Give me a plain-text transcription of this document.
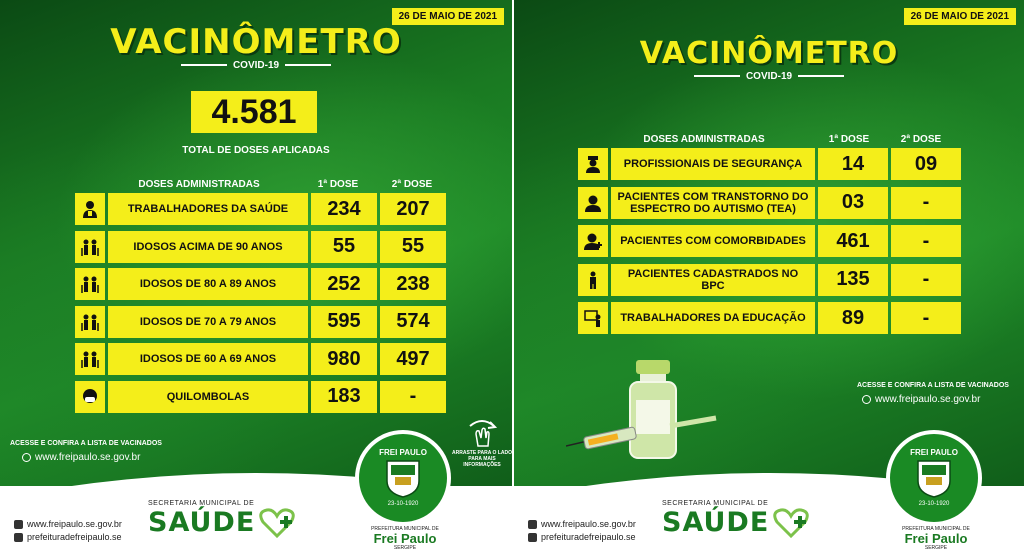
26 DE MAIO DE 2021
VACINÔMETRO
COVID-19
4.581
TOTAL DE DOSES APLICADAS
DOSES ADMINISTRADAS	1ª DOSE	2ª DOSE
TRABALHADORES DA SAÚDE	234	207
IDOSOS ACIMA DE 90 ANOS	55	55
IDOSOS DE 80 A 89 ANOS	252	238
IDOSOS DE 70 A 79 ANOS	595	574
IDOSOS DE 60 A 69 ANOS	980	497
QUILOMBOLAS	183	-
ARRASTE PARA O LADO PARA MAIS INFORMAÇÕES
ACESSE E CONFIRA A LISTA DE VACINADOS
www.freipaulo.se.gov.br
www.freipaulo.se.gov.br
prefeituradefreipaulo.se
SECRETARIA MUNICIPAL DE
SAÚDE
FREI PAULO
23-10-1920
PREFEITURA MUNICIPAL DE
Frei Paulo
SERGIPE
26 DE MAIO DE 2021
VACINÔMETRO
COVID-19
DOSES ADMINISTRADAS	1ª DOSE	2ª DOSE
PROFISSIONAIS DE SEGURANÇA	14	09
PACIENTES COM TRANSTORNO DO ESPECTRO DO AUTISMO (TEA)	03	-
PACIENTES COM COMORBIDADES	461	-
PACIENTES CADASTRADOS NO BPC	135	-
TRABALHADORES DA EDUCAÇÃO	89	-
ACESSE E CONFIRA A LISTA DE VACINADOS
www.freipaulo.se.gov.br
www.freipaulo.se.gov.br
prefeituradefreipaulo.se
SECRETARIA MUNICIPAL DE
SAÚDE
FREI PAULO
23-10-1920
PREFEITURA MUNICIPAL DE
Frei Paulo
SERGIPE
